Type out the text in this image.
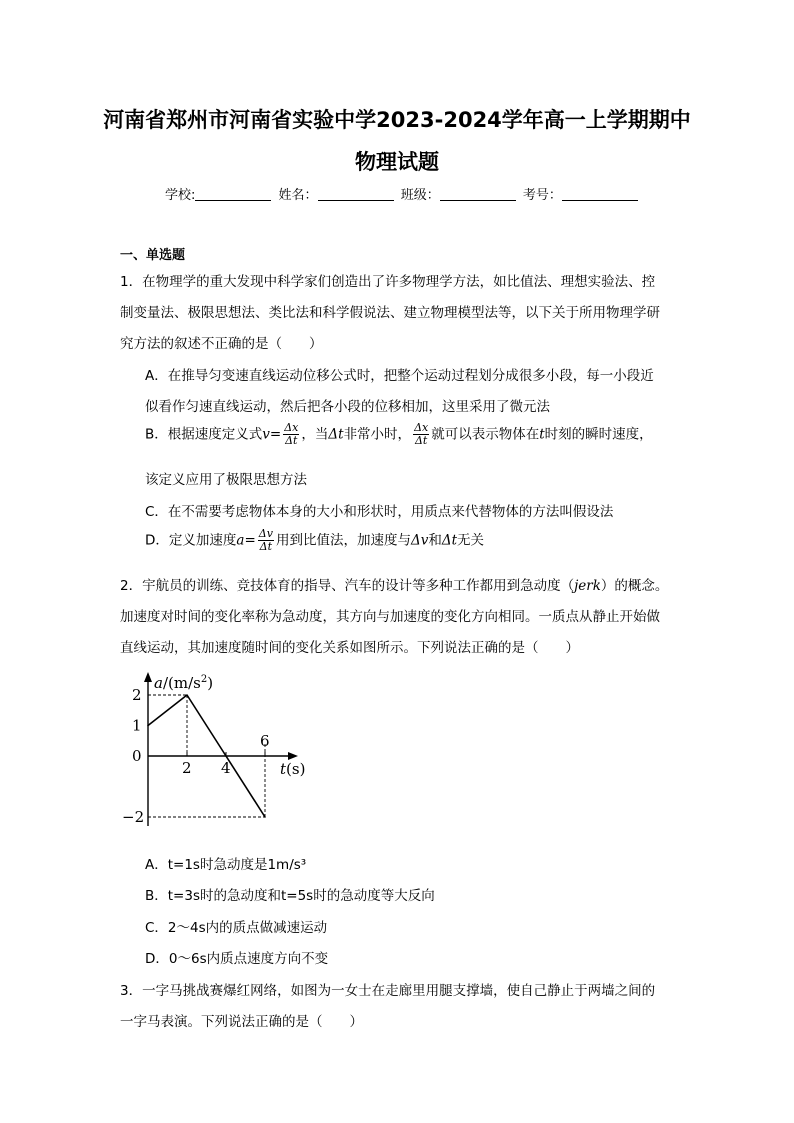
河南省郑州市河南省实验中学2023-2024学年高一上学期期中
物理试题
学校:	姓名：	班级：	考号：
一、单选题
1．在物理学的重大发现中科学家们创造出了许多物理学方法，如比值法、理想实验法、控
制变量法、极限思想法、类比法和科学假说法、建立物理模型法等，以下关于所用物理学研
究方法的叙述不正确的是（　　）
A．在推导匀变速直线运动位移公式时，把整个运动过程划分成很多小段，每一小段近
似看作匀速直线运动，然后把各小段的位移相加，这里采用了微元法
B．根据速度定义式$v= \frac{\Delta x}{\Delta t}$ ，当Δt非常小时， $\frac{\Delta x}{\Delta t}$ 就可以表示物体在t时刻的瞬时速度，
该定义应用了极限思想方法
C．在不需要考虑物体本身的大小和形状时，用质点来代替物体的方法叫假设法
D．定义加速度$a= \frac{\Delta v}{\Delta t}$ 用到比值法，加速度与Δv和Δt无关
2．宇航员的训练、竞技体育的指导、汽车的设计等多种工作都用到急动度（jerk）的概念。
加速度对时间的变化率称为急动度，其方向与加速度的变化方向相同。一质点从静止开始做
直线运动，其加速度随时间的变化关系如图所示。下列说法正确的是（　　）
$a/(m/s^2)$
t(s)
2
1
0
−2
2 4
6
A．t=1s时急动度是1m/s³
B．t=3s时的急动度和t=5s时的急动度等大反向
C．2～4s内的质点做减速运动
D．0～6s内质点速度方向不变
3．一字马挑战赛爆红网络，如图为一女士在走廊里用腿支撑墙，使自己静止于两墙之间的
一字马表演。下列说法正确的是（　　）
